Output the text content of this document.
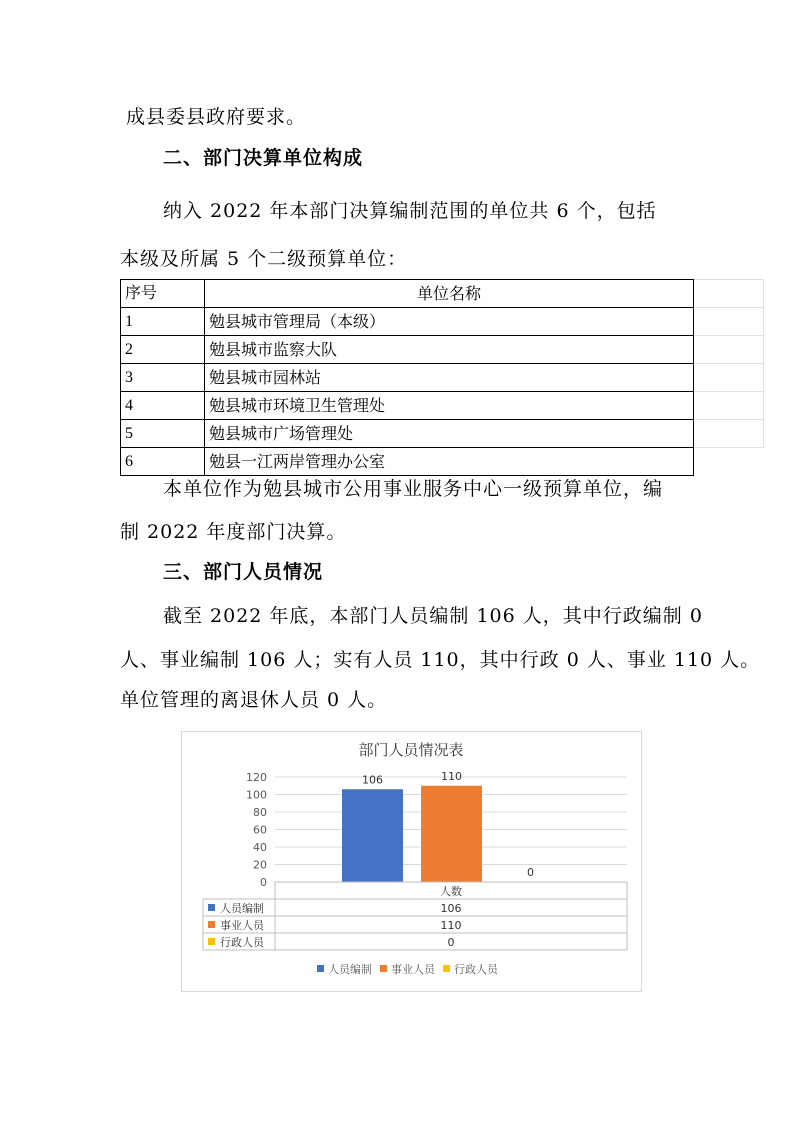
成县委县政府要求。
二、部门决算单位构成
纳入 2022 年本部门决算编制范围的单位共 6 个，包括
本级及所属 5 个二级预算单位：
序号	单位名称
1	勉县城市管理局（本级）
2	勉县城市监察大队
3	勉县城市园林站
4	勉县城市环境卫生管理处
5	勉县城市广场管理处
6	勉县一江两岸管理办公室
本单位作为勉县城市公用事业服务中心一级预算单位，编
制 2022 年度部门决算。
三、部门人员情况
截至 2022 年底，本部门人员编制 106 人，其中行政编制 0
人、事业编制 106 人；实有人员 110，其中行政 0 人、事业 110 人。
单位管理的离退休人员 0 人。
部门人员情况表
0
20
40
60
80
100
120	106	110
0
人数
人员编制	106
事业人员	110
行政人员	0
人员编制 事业人员 行政人员
